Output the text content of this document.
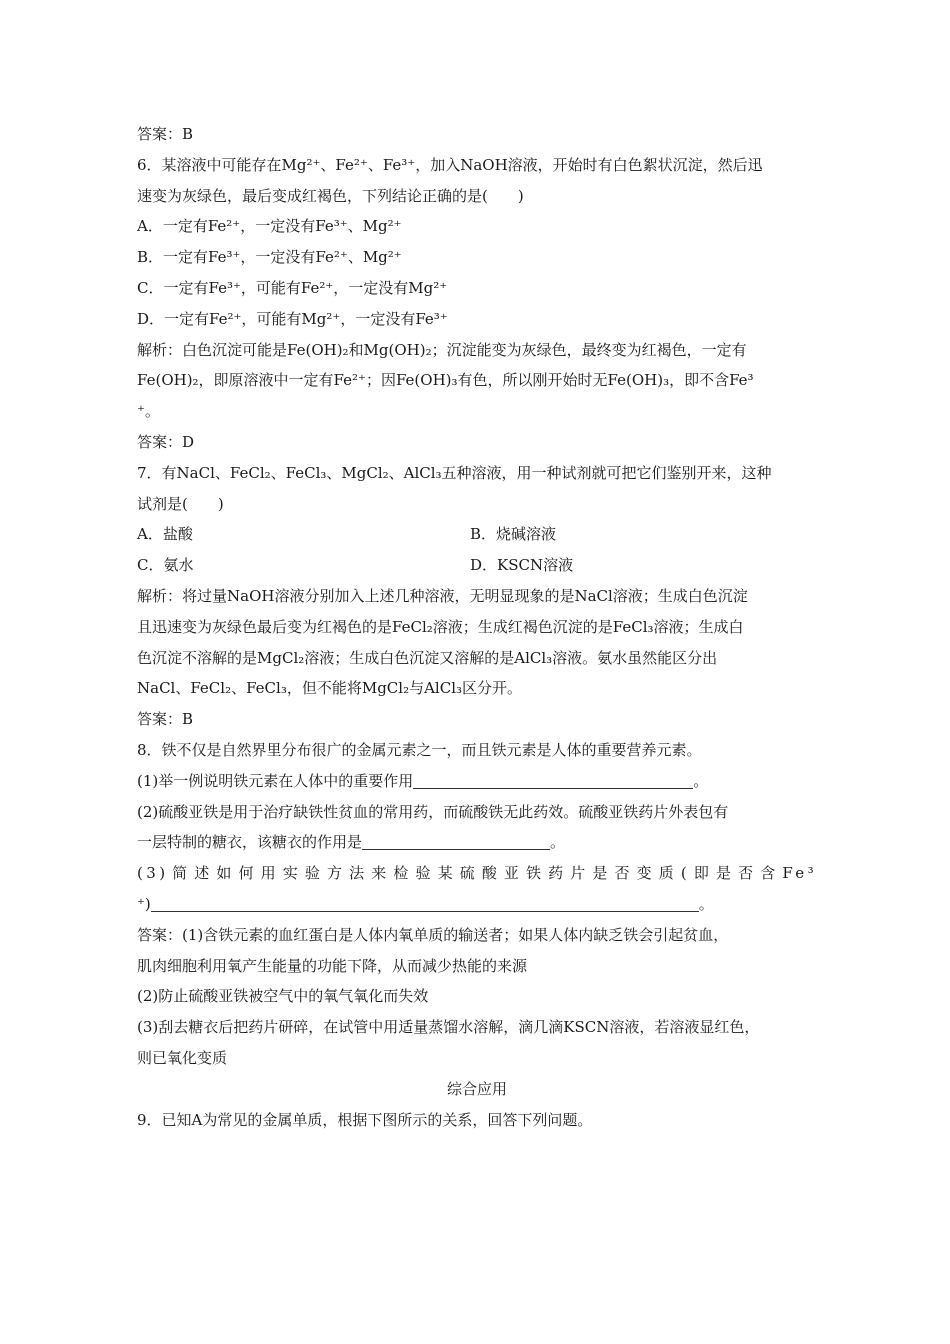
答案：B
6．某溶液中可能存在Mg²⁺、Fe²⁺、Fe³⁺，加入NaOH溶液，开始时有白色絮状沉淀，然后迅
速变为灰绿色，最后变成红褐色，下列结论正确的是(　　)
A．一定有Fe²⁺，一定没有Fe³⁺、Mg²⁺
B．一定有Fe³⁺，一定没有Fe²⁺、Mg²⁺
C．一定有Fe³⁺，可能有Fe²⁺，一定没有Mg²⁺
D．一定有Fe²⁺，可能有Mg²⁺，一定没有Fe³⁺
解析：白色沉淀可能是Fe(OH)₂和Mg(OH)₂；沉淀能变为灰绿色，最终变为红褐色，一定有
Fe(OH)₂，即原溶液中一定有Fe²⁺；因Fe(OH)₃有色，所以刚开始时无Fe(OH)₃，即不含Fe³
⁺。
答案：D
7．有NaCl、FeCl₂、FeCl₃、MgCl₂、AlCl₃五种溶液，用一种试剂就可把它们鉴别开来，这种
试剂是(　　)
A．盐酸	B．烧碱溶液
C．氨水	D．KSCN溶液
解析：将过量NaOH溶液分别加入上述几种溶液，无明显现象的是NaCl溶液；生成白色沉淀
且迅速变为灰绿色最后变为红褐色的是FeCl₂溶液；生成红褐色沉淀的是FeCl₃溶液；生成白
色沉淀不溶解的是MgCl₂溶液；生成白色沉淀又溶解的是AlCl₃溶液。氨水虽然能区分出
NaCl、FeCl₂、FeCl₃，但不能将MgCl₂与AlCl₃区分开。
答案：B
8．铁不仅是自然界里分布很广的金属元素之一，而且铁元素是人体的重要营养元素。
(1)举一例说明铁元素在人体中的重要作用	。
(2)硫酸亚铁是用于治疗缺铁性贫血的常用药，而硫酸铁无此药效。硫酸亚铁药片外表包有
一层特制的糖衣，该糖衣的作用是	。
(3)简述如何用实验方法来检验某硫酸亚铁药片是否变质(即是否含Fe³
⁺)	。
答案：(1)含铁元素的血红蛋白是人体内氧单质的输送者；如果人体内缺乏铁会引起贫血，
肌肉细胞利用氧产生能量的功能下降，从而减少热能的来源
(2)防止硫酸亚铁被空气中的氧气氧化而失效
(3)刮去糖衣后把药片研碎，在试管中用适量蒸馏水溶解，滴几滴KSCN溶液，若溶液显红色，
则已氧化变质
综合应用
9．已知A为常见的金属单质，根据下图所示的关系，回答下列问题。
